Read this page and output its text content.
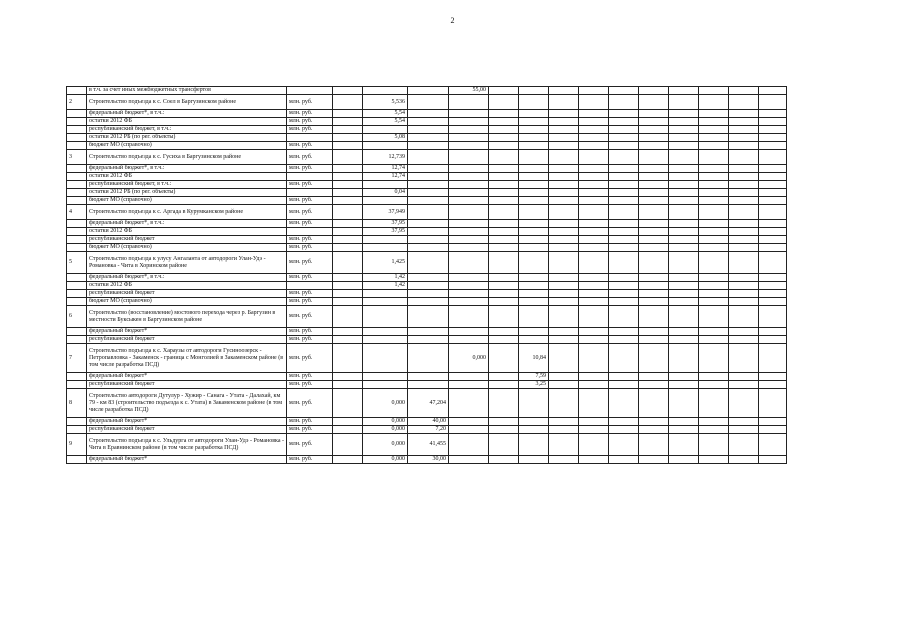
2
	в т.ч. за счет иных межбюджетных трансфертов					55,00										
2	Строительство подъезда к с. Соел в Баргузинском районе	млн. руб.		5,536												
	федеральный бюджет*, в т.ч.:	млн. руб.		5,54												
	остатки 2012 ФБ	млн. руб.		5,54												
	республиканский бюджет, в т.ч.:	млн. руб.														
	остатки 2012 РБ (по рег. объекты)			5,08												
	бюджет МО (справочно)	млн. руб.														
3	Строительство подъезда к с. Гусиха в Баргузинском районе	млн. руб.		12,739												
	федеральный бюджет*, в т.ч.:	млн. руб.		12,74												
	остатки 2012 ФБ			12,74												
	республиканский бюджет, в т.ч.:	млн. руб.														
	остатки 2012 РБ (по рег. объекты)			0,04												
	бюджет МО (справочно)	млн. руб.														
4	Строительство подъезда к с. Аргада в Курумканском районе	млн. руб.		37,949												
	федеральный бюджет*, в т.ч.:	млн. руб.		37,95												
	остатки 2012 ФБ			37,95												
	республиканский бюджет	млн. руб.														
	бюджет МО (справочно)	млн. руб.														
5	Строительство подъезда к улусу Ангаланта от автодороги Улан-Удэ - Романовка - Чита в Хоринском районе	млн. руб.		1,425												
	федеральный бюджет*, в т.ч.:	млн. руб.		1,42												
	остатки 2012 ФБ			1,42												
	республиканский бюджет	млн. руб.														
	бюджет МО (справочно)	млн. руб.														
6	Строительство (восстановление) мостового перехода через р. Баргузин в местности Буксыкен в Баргузинском районе	млн. руб.														
	федеральный бюджет*	млн. руб.														
	республиканский бюджет	млн. руб.														
7	Строительство подъезда к с. Хараузы от автодороги Гусиноозерск - Петропавловка - Закаменск - граница с Монголией в Закаменском районе (в том числе разработка ПСД)	млн. руб.				0,000		10,84								
	федеральный бюджет*	млн. руб.						7,59								
	республиканский бюджет	млн. руб.						3,25								
8	Строительство автодороги Дутулур - Хужир - Санага - Утата - Далахай, км 79 - км 83 (строительство подъезда к с. Утата) в Закаменском районе (в том числе разработка ПСД)	млн. руб.		0,000	47,204											
	федеральный бюджет*	млн. руб.		0,000	40,00											
	республиканский бюджет	млн. руб.		0,000	7,20											
9	Строительство подъезда к с. Ульдурга от автодороги Улан-Удэ - Романовка - Чита в Еравнинском районе (в том числе разработка ПСД)	млн. руб.		0,000	41,455											
	федеральный бюджет*	млн. руб.		0,000	30,00											
